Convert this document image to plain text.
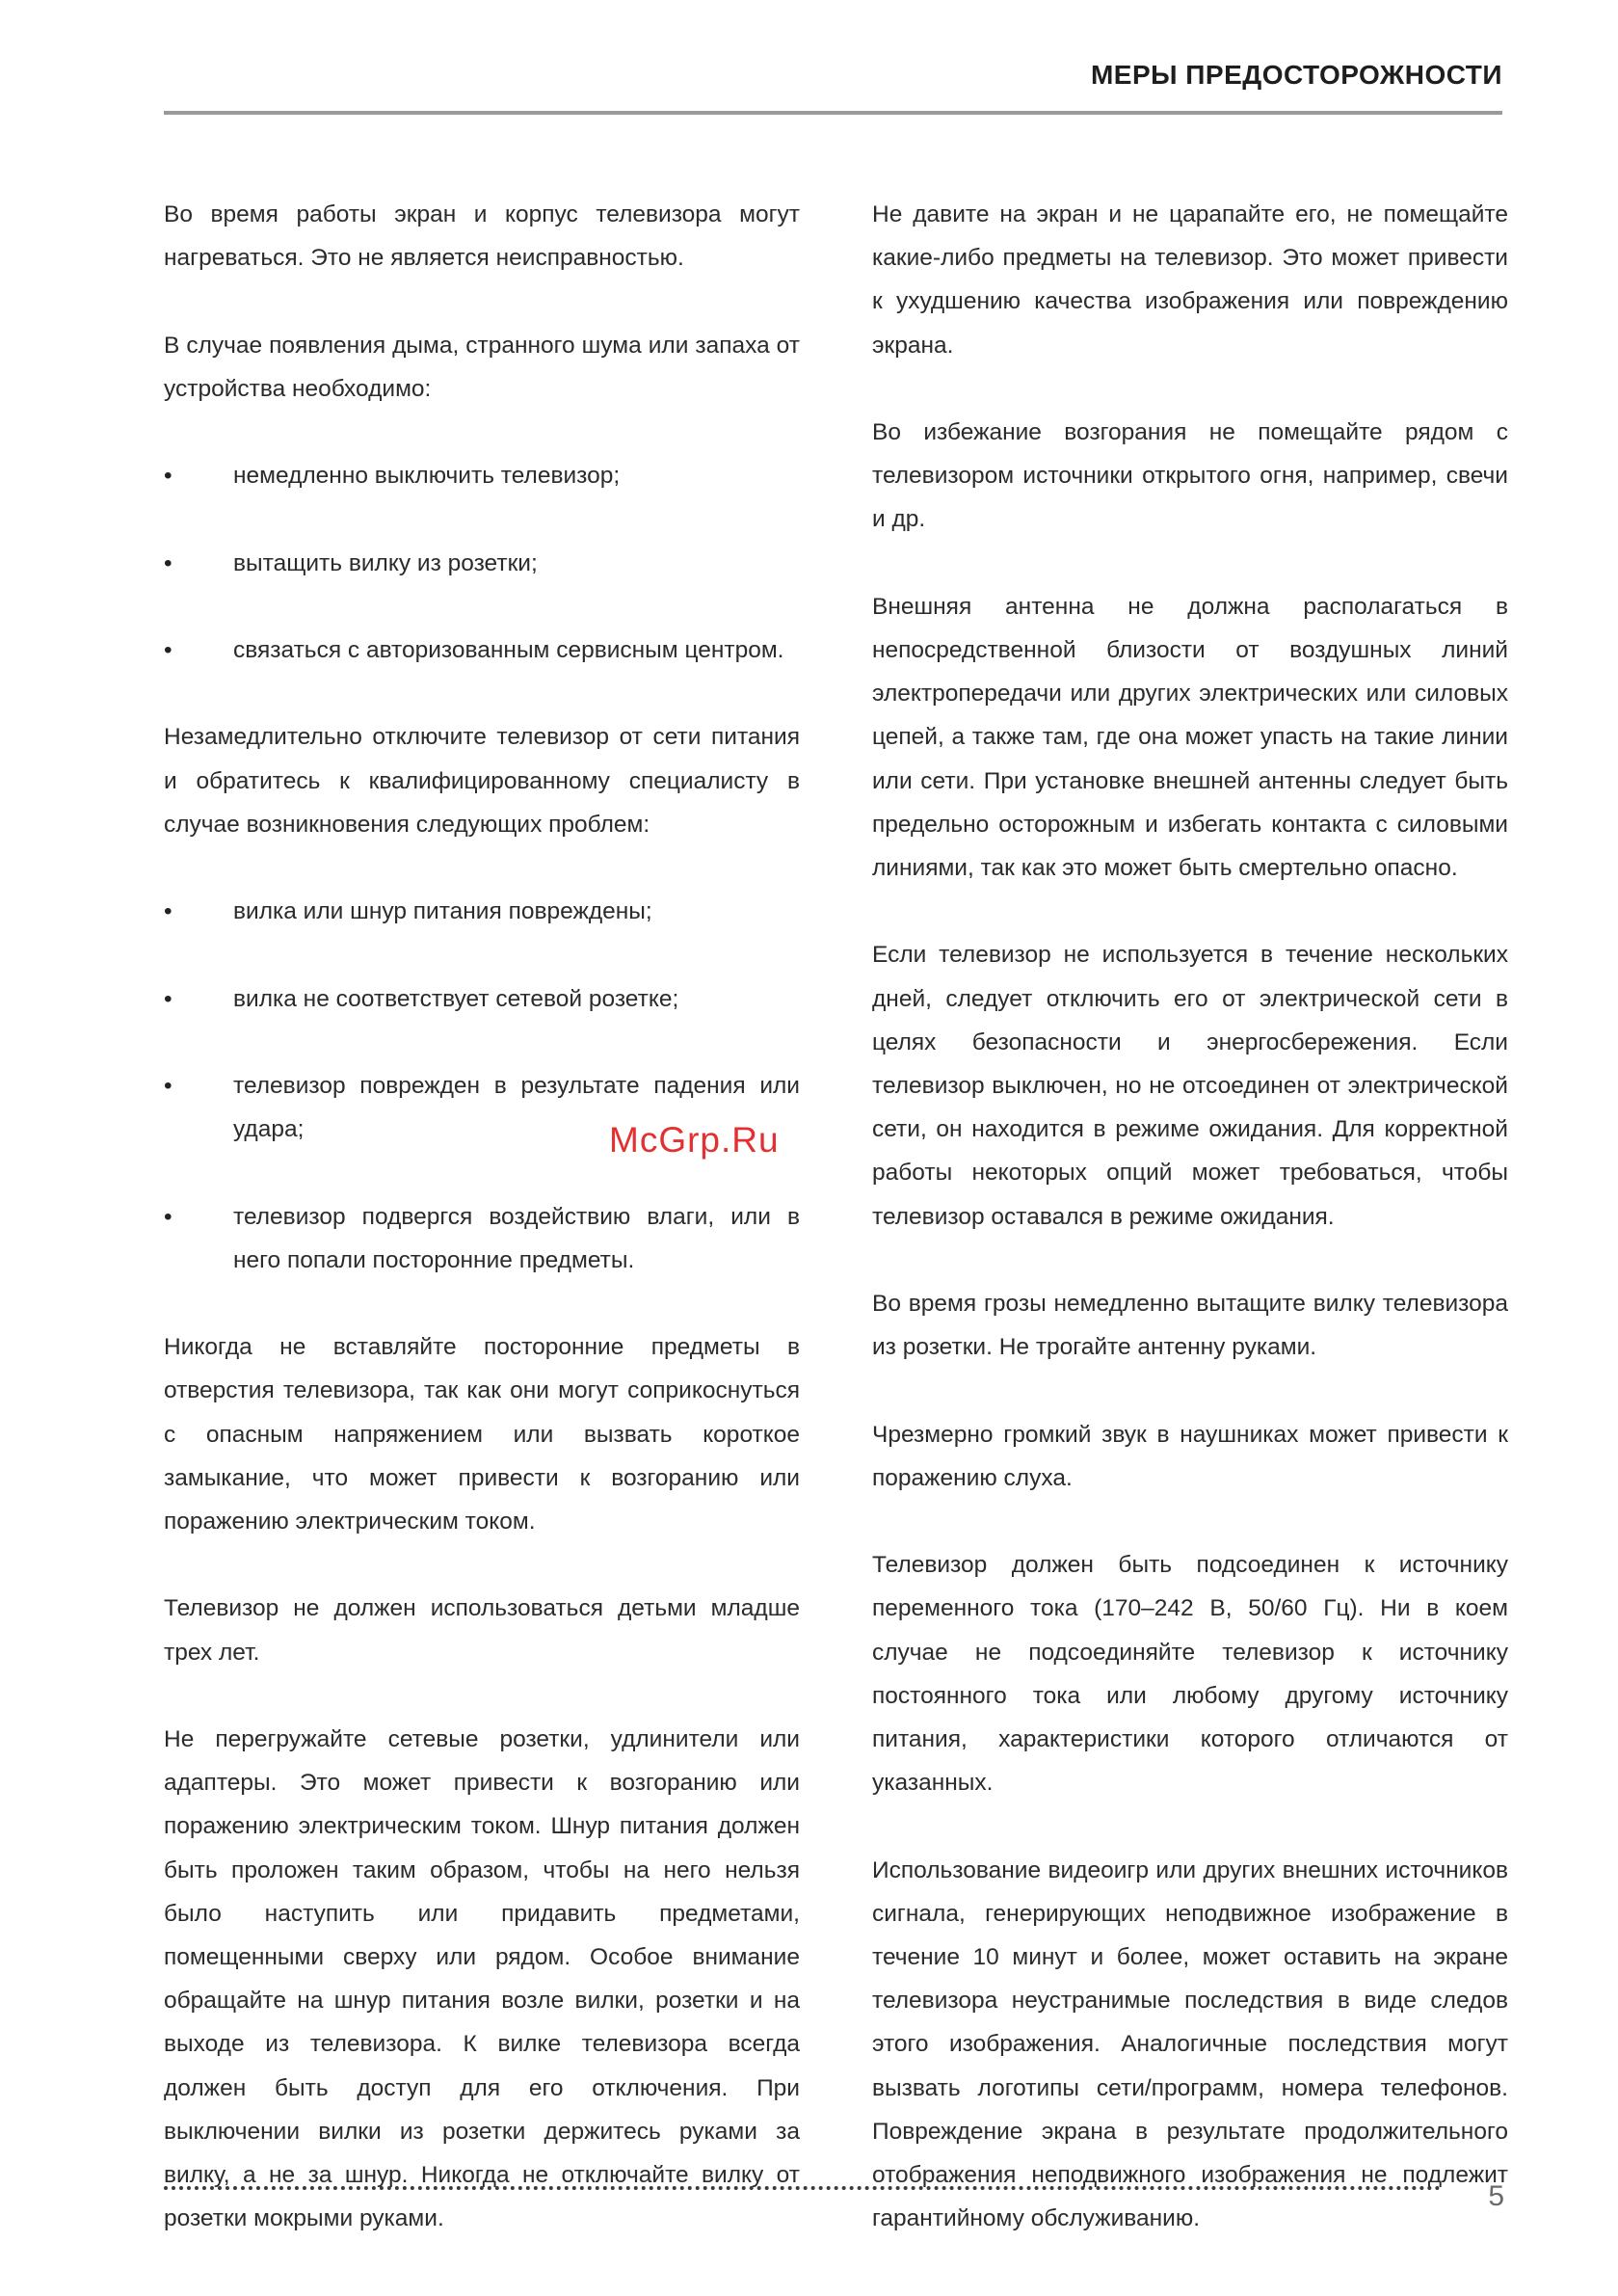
МЕРЫ ПРЕДОСТОРОЖНОСТИ

Во время работы экран и корпус телевизора могут нагреваться. Это не является неисправностью.

В случае появления дыма, странного шума или запаха от устройства необходимо:

• немедленно выключить телевизор;
• вытащить вилку из розетки;
• связаться с авторизованным сервисным центром.

Незамедлительно отключите телевизор от сети питания и обратитесь к квалифицированному специалисту в случае возникновения следующих проблем:

• вилка или шнур питания повреждены;
• вилка не соответствует сетевой розетке;
• телевизор поврежден в результате падения или удара;
• телевизор подвергся воздействию влаги, или в него попали посторонние предметы.

Никогда не вставляйте посторонние предметы в отверстия телевизора, так как они могут соприкоснуться с опасным напряжением или вызвать короткое замыкание, что может привести к возгоранию или поражению электрическим током.

Телевизор не должен использоваться детьми младше трех лет.

Не перегружайте сетевые розетки, удлинители или адаптеры. Это может привести к возгоранию или поражению электрическим током. Шнур питания должен быть проложен таким образом, чтобы на него нельзя было наступить или придавить предметами, помещенными сверху или рядом. Особое внимание обращайте на шнур питания возле вилки, розетки и на выходе из телевизора. К вилке телевизора всегда должен быть доступ для его отключения. При выключении вилки из розетки держитесь руками за вилку, а не за шнур. Никогда не отключайте вилку от розетки мокрыми руками.

Не давите на экран и не царапайте его, не помещайте какие-либо предметы на телевизор. Это может привести к ухудшению качества изображения или повреждению экрана.

Во избежание возгорания не помещайте рядом с телевизором источники открытого огня, например, свечи и др.

Внешняя антенна не должна располагаться в непосредственной близости от воздушных линий электропередачи или других электрических или силовых цепей, а также там, где она может упасть на такие линии или сети. При установке внешней антенны следует быть предельно осторожным и избегать контакта с силовыми линиями, так как это может быть смертельно опасно.

Если телевизор не используется в течение нескольких дней, следует отключить его от электрической сети в целях безопасности и энергосбережения. Если телевизор выключен, но не отсоединен от электрической сети, он находится в режиме ожидания. Для корректной работы некоторых опций может требоваться, чтобы телевизор оставался в режиме ожидания.

Во время грозы немедленно вытащите вилку телевизора из розетки. Не трогайте антенну руками.

Чрезмерно громкий звук в наушниках может привести к поражению слуха.

Телевизор должен быть подсоединен к источнику переменного тока (170–242 В, 50/60 Гц). Ни в коем случае не подсоединяйте телевизор к источнику постоянного тока или любому другому источнику питания, характеристики которого отличаются от указанных.

Использование видеоигр или других внешних источников сигнала, генерирующих неподвижное изображение в течение 10 минут и более, может оставить на экране телевизора неустранимые последствия в виде следов этого изображения. Аналогичные последствия могут вызвать логотипы сети/программ, номера телефонов. Повреждение экрана в результате продолжительного отображения неподвижного изображения не подлежит гарантийному обслуживанию.

McGrp.Ru
5
